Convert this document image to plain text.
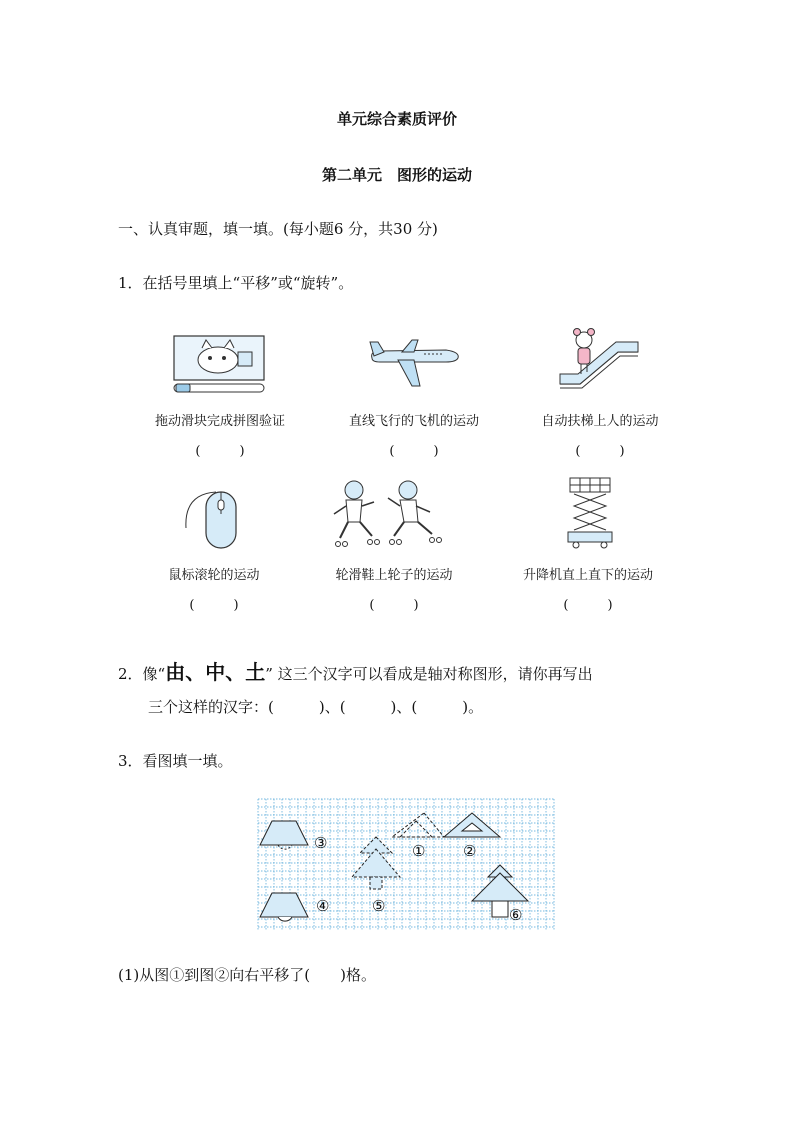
单元综合素质评价
第二单元　图形的运动
一、认真审题，填一填。(每小题6 分，共30 分)
1．在括号里填上“平移”或“旋转”。
拖动滑块完成拼图验证	直线飞行的飞机的运动	自动扶梯上人的运动
(　　　)	(　　　)	(　　　)
鼠标滚轮的运动	轮滑鞋上轮子的运动	升降机直上直下的运动
(　　　)	(　　　)	(　　　)
2．像“由、中、土” 这三个汉字可以看成是轴对称图形，请你再写出
三个这样的汉字：(　　　)、(　　　)、(　　　)。
3．看图填一填。
③	①	②
④	⑤	⑥
(1)从图①到图②向右平移了(　　)格。
